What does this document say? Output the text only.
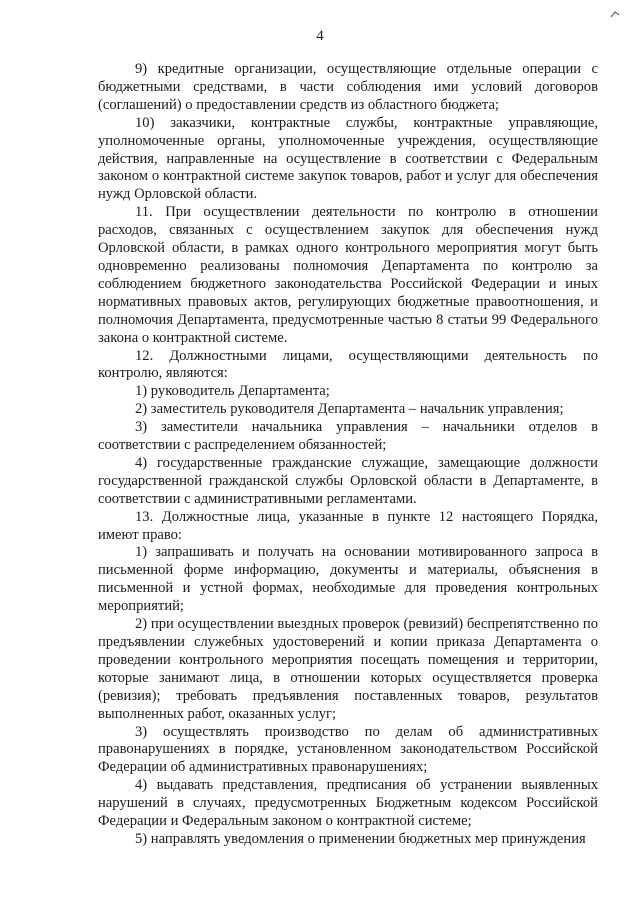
4

9) кредитные организации, осуществляющие отдельные операции с бюджетными средствами, в части соблюдения ими условий договоров (соглашений) о предоставлении средств из областного бюджета;

10) заказчики, контрактные службы, контрактные управляющие, уполномоченные органы, уполномоченные учреждения, осуществляющие действия, направленные на осуществление в соответствии с Федеральным законом о контрактной системе закупок товаров, работ и услуг для обеспечения нужд Орловской области.

11. При осуществлении деятельности по контролю в отношении расходов, связанных с осуществлением закупок для обеспечения нужд Орловской области, в рамках одного контрольного мероприятия могут быть одновременно реализованы полномочия Департамента по контролю за соблюдением бюджетного законодательства Российской Федерации и иных нормативных правовых актов, регулирующих бюджетные правоотношения, и полномочия Департамента, предусмотренные частью 8 статьи 99 Федерального закона о контрактной системе.

12. Должностными лицами, осуществляющими деятельность по контролю, являются:

1) руководитель Департамента;

2) заместитель руководителя Департамента – начальник управления;

3) заместители начальника управления – начальники отделов в соответствии с распределением обязанностей;

4) государственные гражданские служащие, замещающие должности государственной гражданской службы Орловской области в Департаменте, в соответствии с административными регламентами.

13. Должностные лица, указанные в пункте 12 настоящего Порядка, имеют право:

1) запрашивать и получать на основании мотивированного запроса в письменной форме информацию, документы и материалы, объяснения в письменной и устной формах, необходимые для проведения контрольных мероприятий;

2) при осуществлении выездных проверок (ревизий) беспрепятственно по предъявлении служебных удостоверений и копии приказа Департамента о проведении контрольного мероприятия посещать помещения и территории, которые занимают лица, в отношении которых осуществляется проверка (ревизия); требовать предъявления поставленных товаров, результатов выполненных работ, оказанных услуг;

3) осуществлять производство по делам об административных правонарушениях в порядке, установленном законодательством Российской Федерации об административных правонарушениях;

4) выдавать представления, предписания об устранении выявленных нарушений в случаях, предусмотренных Бюджетным кодексом Российской Федерации и Федеральным законом о контрактной системе;

5) направлять уведомления о применении бюджетных мер принуждения
